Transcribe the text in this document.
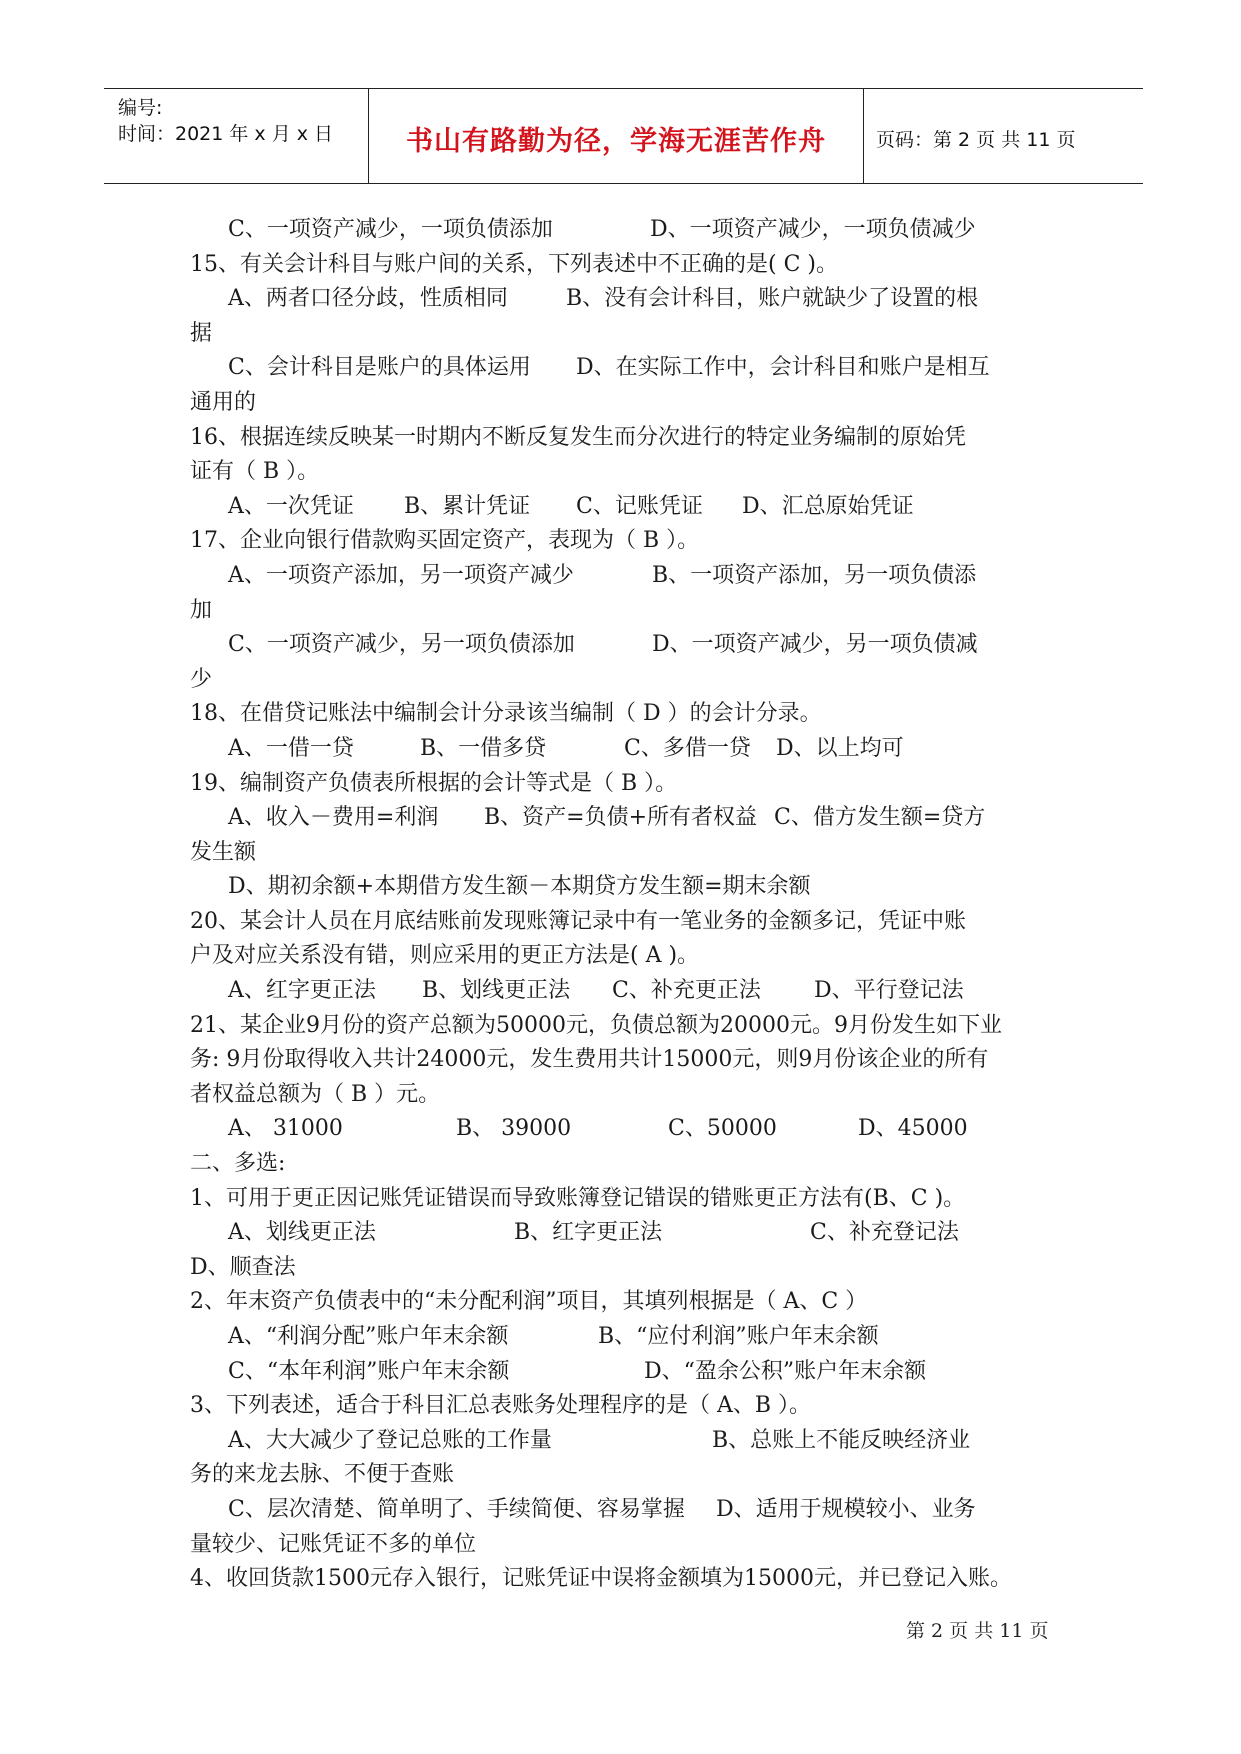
编号:
时间：2021 年 x 月 x 日	书山有路勤为径，学海无涯苦作舟	页码：第 2 页 共 11 页
C、一项资产减少，一项负债添加	D、一项资产减少，一项负债减少
15、有关会计科目与账户间的关系，下列表述中不正确的是( C )。
A、两者口径分歧，性质相同	B、没有会计科目，账户就缺少了设置的根
据
C、会计科目是账户的具体运用 D、在实际工作中，会计科目和账户是相互
通用的
16、根据连续反映某一时期内不断反复发生而分次进行的特定业务编制的原始凭
证有（ B ）。
A、一次凭证 B、累计凭证 C、记账凭证 D、汇总原始凭证
17、企业向银行借款购买固定资产，表现为（ B ）。
A、一项资产添加，另一项资产减少	B、一项资产添加，另一项负债添
加
C、一项资产减少，另一项负债添加	D、一项资产减少，另一项负债减
少
18、在借贷记账法中编制会计分录该当编制（ D ）的会计分录。
A、一借一贷	B、一借多贷	C、多借一贷 D、以上均可
19、编制资产负债表所根据的会计等式是（ B ）。
A、收入－费用=利润 B、资产=负债+所有者权益 C、借方发生额=贷方
发生额
D、期初余额+本期借方发生额－本期贷方发生额=期末余额
20、某会计人员在月底结账前发现账簿记录中有一笔业务的金额多记，凭证中账
户及对应关系没有错，则应采用的更正方法是( A )。
A、红字更正法 B、划线更正法 C、补充更正法 D、平行登记法
21、某企业9月份的资产总额为50000元，负债总额为20000元。9月份发生如下业
务: 9月份取得收入共计24000元，发生费用共计15000元，则9月份该企业的所有
者权益总额为（ B ）元。
A、 31000	B、 39000	C、50000	D、45000
二、多选:
1、可用于更正因记账凭证错误而导致账簿登记错误的错账更正方法有(B、C )。
A、划线更正法	B、红字更正法	C、补充登记法
D、顺查法
2、年末资产负债表中的“未分配利润”项目，其填列根据是（ A、C ）
A、“利润分配”账户年末余额	B、“应付利润”账户年末余额
C、“本年利润”账户年末余额	D、“盈余公积”账户年末余额
3、下列表述，适合于科目汇总表账务处理程序的是（ A、B ）。
A、大大减少了登记总账的工作量	B、总账上不能反映经济业
务的来龙去脉、不便于查账
C、层次清楚、简单明了、手续简便、容易掌握 D、适用于规模较小、业务
量较少、记账凭证不多的单位
4、收回货款1500元存入银行，记账凭证中误将金额填为15000元，并已登记入账。
第 2 页 共 11 页
